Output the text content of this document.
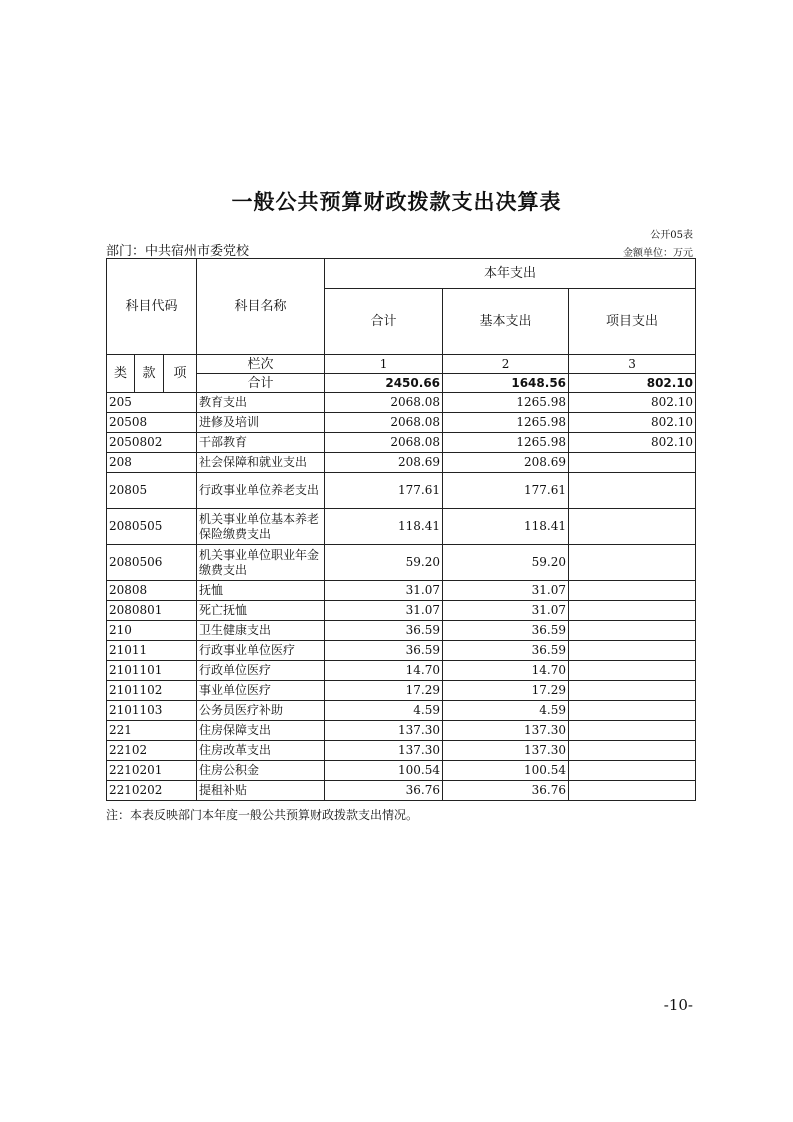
一般公共预算财政拨款支出决算表
公开05表
部门：中共宿州市委党校	金额单位：万元
科目代码			科目名称	本年支出		
				合计	基本支出	项目支出
类	款	项	栏次	1	2	3
			合计	2450.66	1648.56	802.10
205			教育支出	2068.08	1265.98	802.10
20508			进修及培训	2068.08	1265.98	802.10
2050802			干部教育	2068.08	1265.98	802.10
208			社会保障和就业支出	208.69	208.69	
20805			行政事业单位养老支出	177.61	177.61	
2080505			机关事业单位基本养老保险缴费支出	118.41	118.41	
2080506			机关事业单位职业年金缴费支出	59.20	59.20	
20808			抚恤	31.07	31.07	
2080801			死亡抚恤	31.07	31.07	
210			卫生健康支出	36.59	36.59	
21011			行政事业单位医疗	36.59	36.59	
2101101			行政单位医疗	14.70	14.70	
2101102			事业单位医疗	17.29	17.29	
2101103			公务员医疗补助	4.59	4.59	
221			住房保障支出	137.30	137.30	
22102			住房改革支出	137.30	137.30	
2210201			住房公积金	100.54	100.54	
2210202			提租补贴	36.76	36.76	
注：本表反映部门本年度一般公共预算财政拨款支出情况。
-10-
